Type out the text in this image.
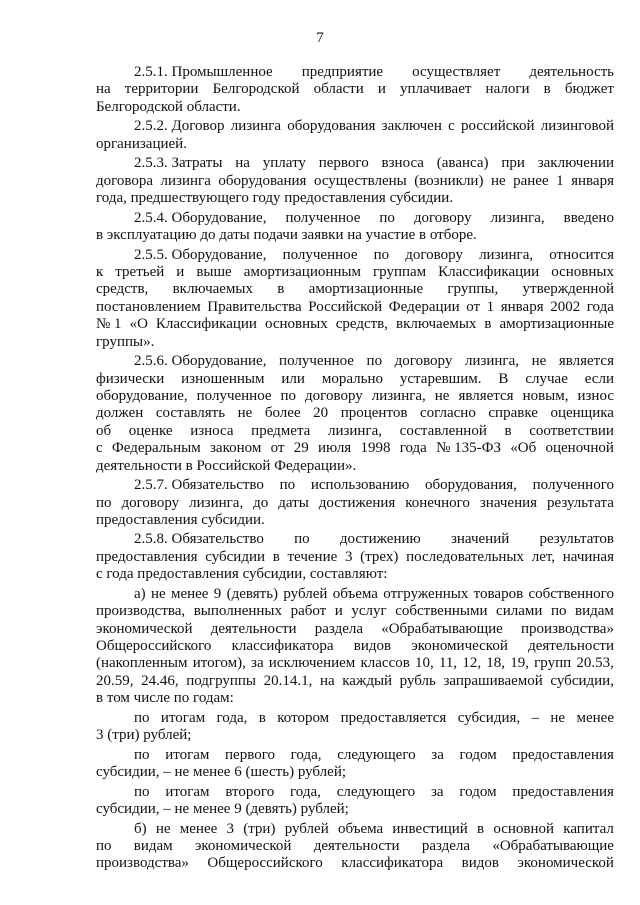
7
2.5.1. Промышленное предприятие осуществляет деятельность
на территории Белгородской области и уплачивает налоги в бюджет
Белгородской области.
2.5.2. Договор лизинга оборудования заключен с российской лизинговой
организацией.
2.5.3. Затраты на уплату первого взноса (аванса) при заключении
договора лизинга оборудования осуществлены (возникли) не ранее 1 января
года, предшествующего году предоставления субсидии.
2.5.4. Оборудование, полученное по договору лизинга, введено
в эксплуатацию до даты подачи заявки на участие в отборе.
2.5.5. Оборудование, полученное по договору лизинга, относится
к третьей и выше амортизационным группам Классификации основных
средств, включаемых в амортизационные группы, утвержденной
постановлением Правительства Российской Федерации от 1 января 2002 года
№ 1 «О Классификации основных средств, включаемых в амортизационные
группы».
2.5.6. Оборудование, полученное по договору лизинга, не является
физически изношенным или морально устаревшим. В случае если
оборудование, полученное по договору лизинга, не является новым, износ
должен составлять не более 20 процентов согласно справке оценщика
об оценке износа предмета лизинга, составленной в соответствии
с Федеральным законом от 29 июля 1998 года № 135-ФЗ «Об оценочной
деятельности в Российской Федерации».
2.5.7. Обязательство по использованию оборудования, полученного
по договору лизинга, до даты достижения конечного значения результата
предоставления субсидии.
2.5.8. Обязательство по достижению значений результатов
предоставления субсидии в течение 3 (трех) последовательных лет, начиная
с года предоставления субсидии, составляют:
а) не менее 9 (девять) рублей объема отгруженных товаров собственного
производства, выполненных работ и услуг собственными силами по видам
экономической деятельности раздела «Обрабатывающие производства»
Общероссийского классификатора видов экономической деятельности
(накопленным итогом), за исключением классов 10, 11, 12, 18, 19, групп 20.53,
20.59, 24.46, подгруппы 20.14.1, на каждый рубль запрашиваемой субсидии,
в том числе по годам:
по итогам года, в котором предоставляется субсидия, – не менее
3 (три) рублей;
по итогам первого года, следующего за годом предоставления
субсидии, – не менее 6 (шесть) рублей;
по итогам второго года, следующего за годом предоставления
субсидии, – не менее 9 (девять) рублей;
б) не менее 3 (три) рублей объема инвестиций в основной капитал
по видам экономической деятельности раздела «Обрабатывающие
производства» Общероссийского классификатора видов экономической
